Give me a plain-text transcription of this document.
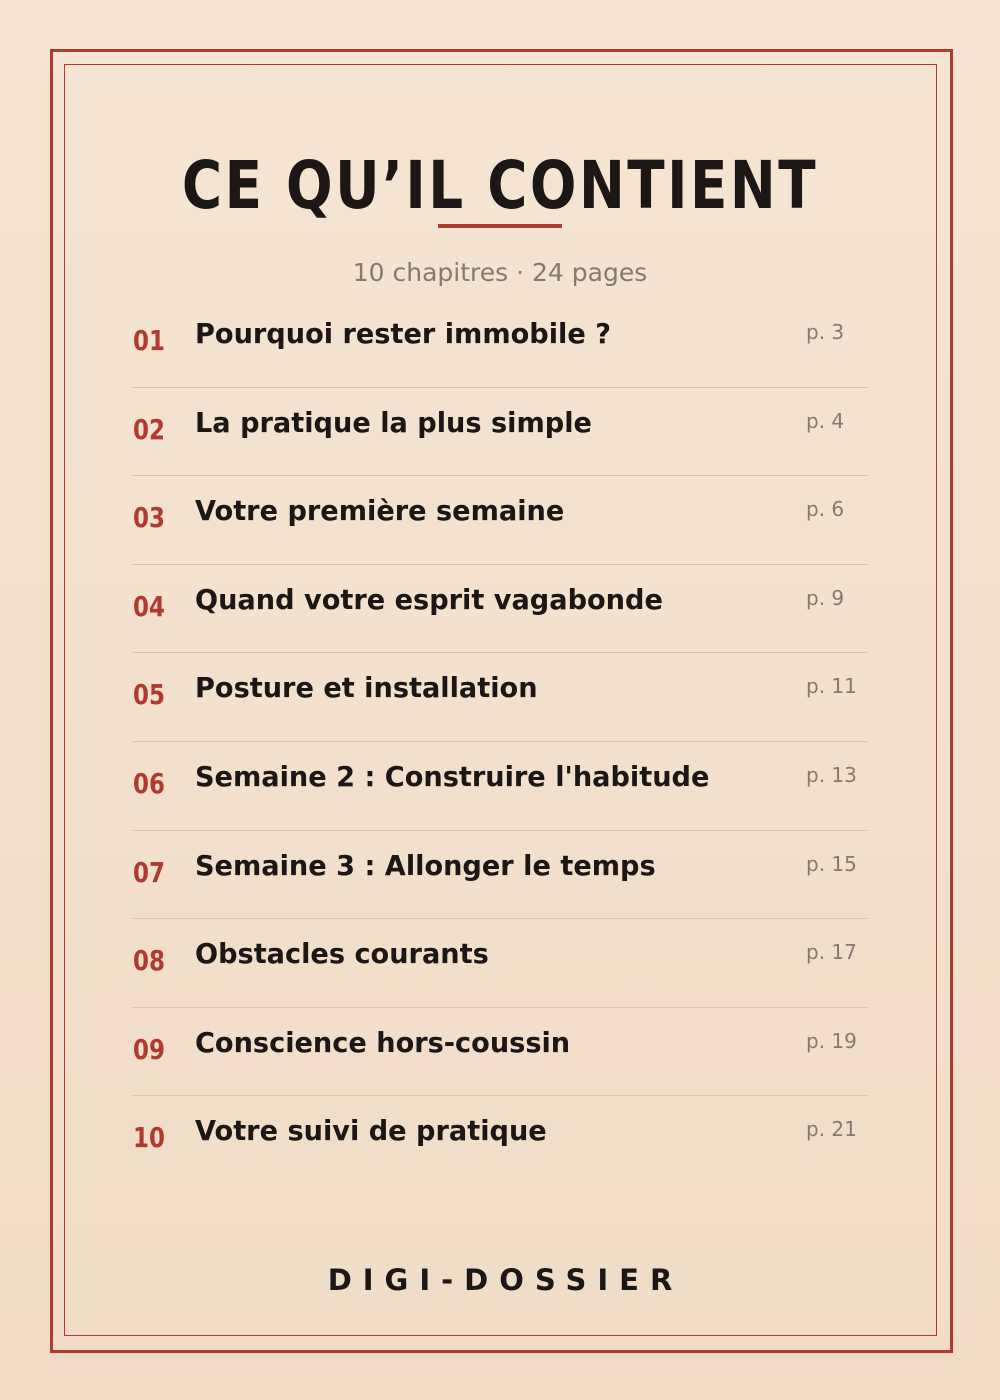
CE QU’IL CONTIENT
10 chapitres · 24 pages
01 Pourquoi rester immobile ?	p. 3
02 La pratique la plus simple	p. 4
03 Votre première semaine	p. 6
04 Quand votre esprit vagabonde	p. 9
05 Posture et installation	p. 11
06 Semaine 2 : Construire l'habitude	p. 13
07 Semaine 3 : Allonger le temps	p. 15
08 Obstacles courants	p. 17
09 Conscience hors-coussin	p. 19
10 Votre suivi de pratique	p. 21
DIGI-DOSSIER
